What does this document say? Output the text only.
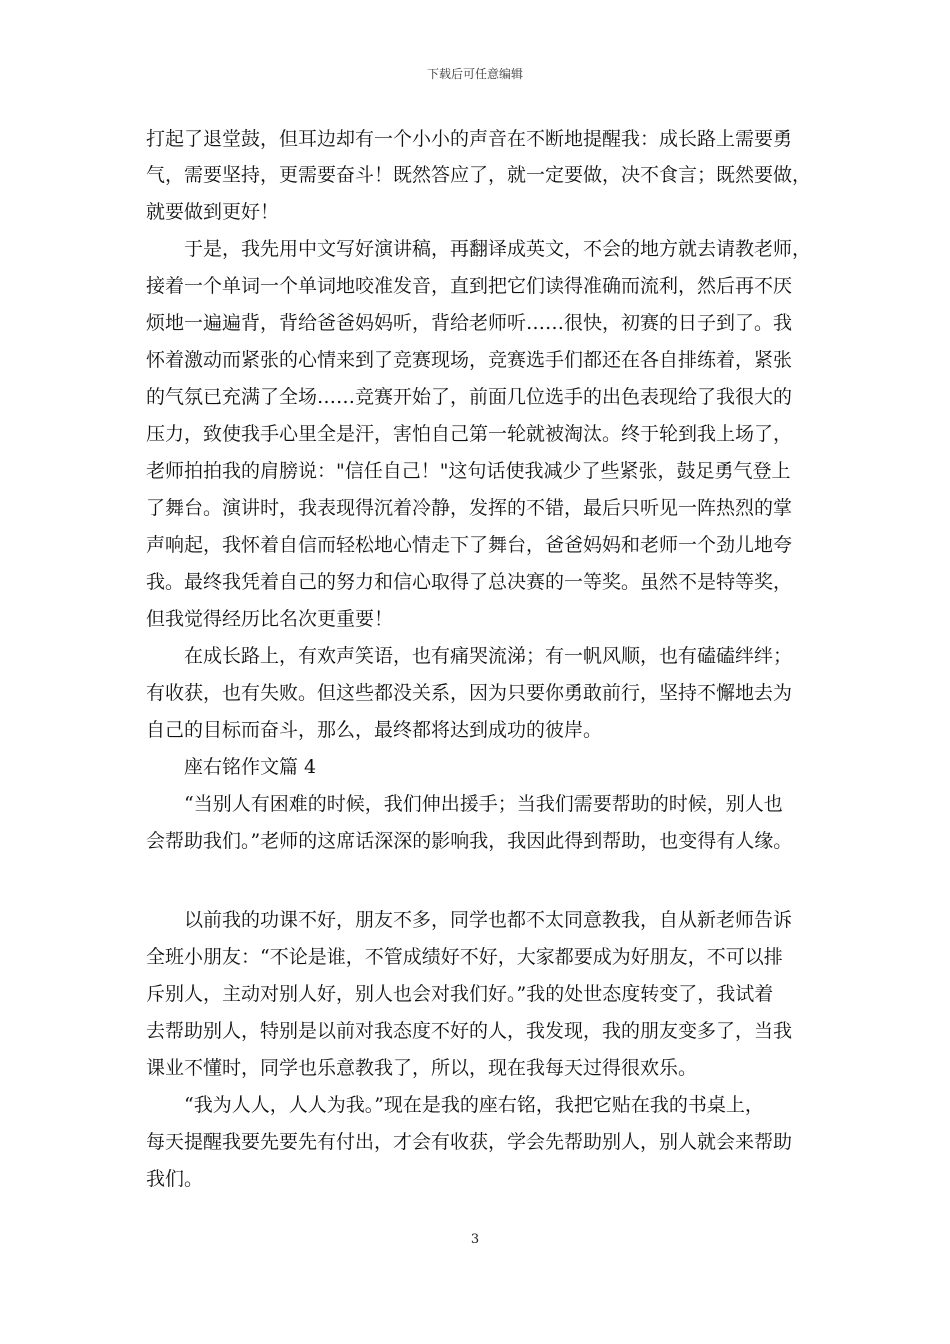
下载后可任意编辑
打起了退堂鼓，但耳边却有一个小小的声音在不断地提醒我：成长路上需要勇
气，需要坚持，更需要奋斗！既然答应了，就一定要做，决不食言；既然要做，
就要做到更好！
　　于是，我先用中文写好演讲稿，再翻译成英文，不会的地方就去请教老师，
接着一个单词一个单词地咬准发音，直到把它们读得准确而流利，然后再不厌
烦地一遍遍背，背给爸爸妈妈听，背给老师听……很快，初赛的日子到了。我
怀着激动而紧张的心情来到了竞赛现场，竞赛选手们都还在各自排练着，紧张
的气氛已充满了全场……竞赛开始了，前面几位选手的出色表现给了我很大的
压力，致使我手心里全是汗，害怕自己第一轮就被淘汰。终于轮到我上场了，
老师拍拍我的肩膀说："信任自己！"这句话使我减少了些紧张，鼓足勇气登上
了舞台。演讲时，我表现得沉着冷静，发挥的不错，最后只听见一阵热烈的掌
声响起，我怀着自信而轻松地心情走下了舞台，爸爸妈妈和老师一个劲儿地夸
我。最终我凭着自己的努力和信心取得了总决赛的一等奖。虽然不是特等奖，
但我觉得经历比名次更重要！
　　在成长路上，有欢声笑语，也有痛哭流涕；有一帆风顺，也有磕磕绊绊；
有收获，也有失败。但这些都没关系，因为只要你勇敢前行，坚持不懈地去为
自己的目标而奋斗，那么，最终都将达到成功的彼岸。
　　座右铭作文篇 4
　　“当别人有困难的时候，我们伸出援手；当我们需要帮助的时候，别人也
会帮助我们。”老师的这席话深深的影响我，我因此得到帮助，也变得有人缘。
　　以前我的功课不好，朋友不多，同学也都不太同意教我，自从新老师告诉
全班小朋友：“不论是谁，不管成绩好不好，大家都要成为好朋友，不可以排
斥别人，主动对别人好，别人也会对我们好。”我的处世态度转变了，我试着
去帮助别人，特别是以前对我态度不好的人，我发现，我的朋友变多了，当我
课业不懂时，同学也乐意教我了，所以，现在我每天过得很欢乐。
　　“我为人人，人人为我。”现在是我的座右铭，我把它贴在我的书桌上，
每天提醒我要先要先有付出，才会有收获，学会先帮助别人，别人就会来帮助
我们。
3
